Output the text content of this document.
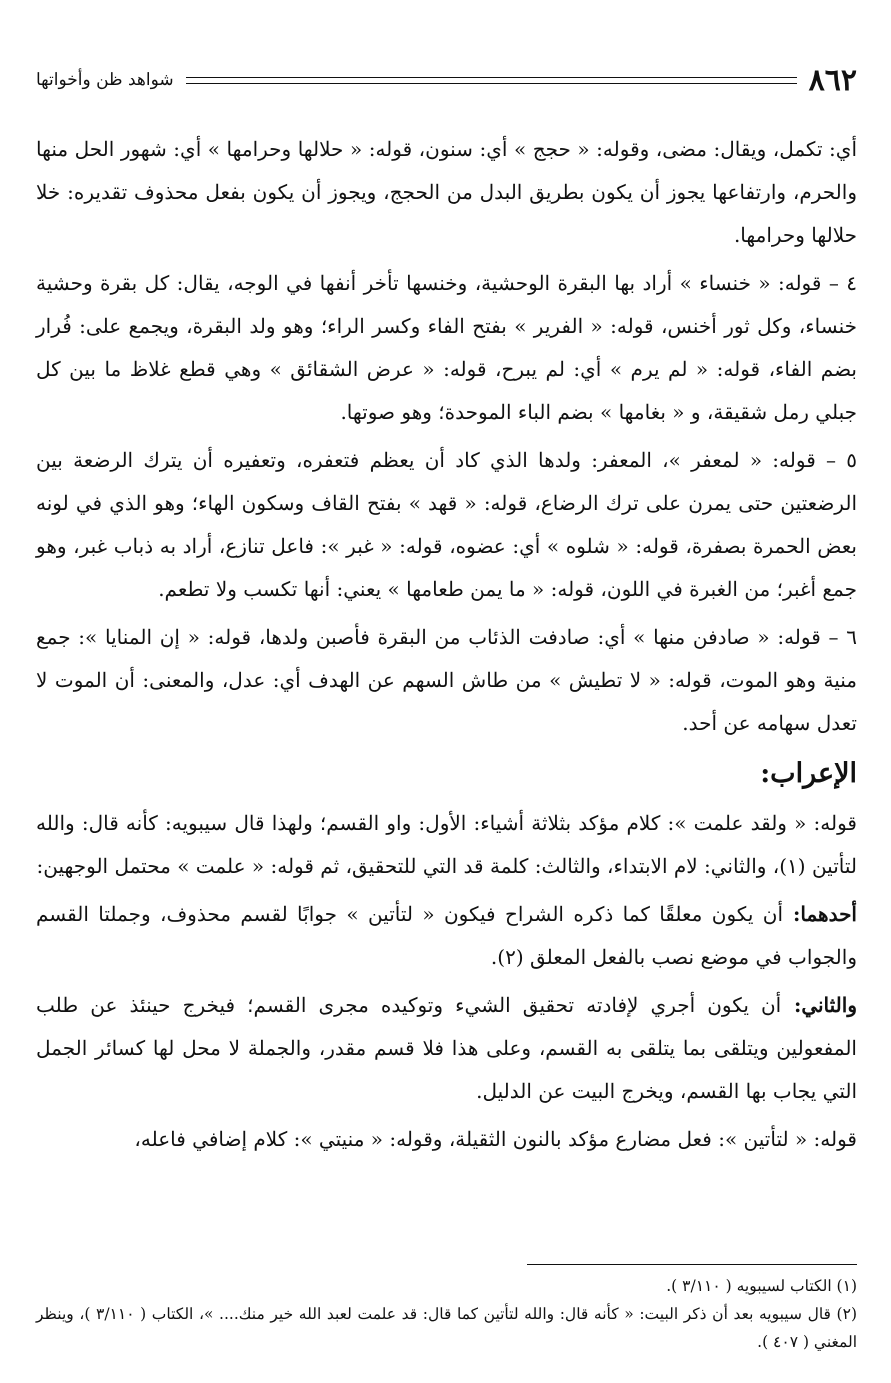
٨٦٢
شواهد ظن وأخواتها

أي: تكمل، ويقال: مضى، وقوله: « حجج » أي: سنون، قوله: « حلالها وحرامها » أي: شهور الحل منها والحرم، وارتفاعها يجوز أن يكون بطريق البدل من الحجج، ويجوز أن يكون بفعل محذوف تقديره: خلا حلالها وحرامها.

٤ – قوله: « خنساء » أراد بها البقرة الوحشية، وخنسها تأخر أنفها في الوجه، يقال: كل بقرة وحشية خنساء، وكل ثور أخنس، قوله: « الفرير » بفتح الفاء وكسر الراء؛ وهو ولد البقرة، ويجمع على: فُرار بضم الفاء، قوله: « لم يرم » أي: لم يبرح، قوله: « عرض الشقائق » وهي قطع غلاظ ما بين كل جبلي رمل شقيقة، و « بغامها » بضم الباء الموحدة؛ وهو صوتها.

٥ – قوله: « لمعفر »، المعفر: ولدها الذي كاد أن يعظم فتعفره، وتعفيره أن يترك الرضعة بين الرضعتين حتى يمرن على ترك الرضاع، قوله: « قهد » بفتح القاف وسكون الهاء؛ وهو الذي في لونه بعض الحمرة بصفرة، قوله: « شلوه » أي: عضوه، قوله: « غبر »: فاعل تنازع، أراد به ذباب غبر، وهو جمع أغبر؛ من الغبرة في اللون، قوله: « ما يمن طعامها » يعني: أنها تكسب ولا تطعم.

٦ – قوله: « صادفن منها » أي: صادفت الذئاب من البقرة فأصبن ولدها، قوله: « إن المنايا »: جمع منية وهو الموت، قوله: « لا تطيش » من طاش السهم عن الهدف أي: عدل، والمعنى: أن الموت لا تعدل سهامه عن أحد.

الإعراب:

قوله: « ولقد علمت »: كلام مؤكد بثلاثة أشياء: الأول: واو القسم؛ ولهذا قال سيبويه: كأنه قال: والله لتأتين (١)، والثاني: لام الابتداء، والثالث: كلمة قد التي للتحقيق، ثم قوله: « علمت » محتمل الوجهين:

أحدهما: أن يكون معلقًا كما ذكره الشراح فيكون « لتأتين » جوابًا لقسم محذوف، وجملتا القسم والجواب في موضع نصب بالفعل المعلق (٢).

والثاني: أن يكون أجري لإفادته تحقيق الشيء وتوكيده مجرى القسم؛ فيخرج حينئذ عن طلب المفعولين ويتلقى بما يتلقى به القسم، وعلى هذا فلا قسم مقدر، والجملة لا محل لها كسائر الجمل التي يجاب بها القسم، ويخرج البيت عن الدليل.

قوله: « لتأتين »: فعل مضارع مؤكد بالنون الثقيلة، وقوله: « منيتي »: كلام إضافي فاعله،

(١) الكتاب لسيبويه ( ٣/١١٠ ).

(٢) قال سيبويه بعد أن ذكر البيت: « كأنه قال: والله لتأتين كما قال: قد علمت لعبد الله خير منك.... »، الكتاب ( ٣/١١٠ )، وينظر المغني ( ٤٠٧ ).
